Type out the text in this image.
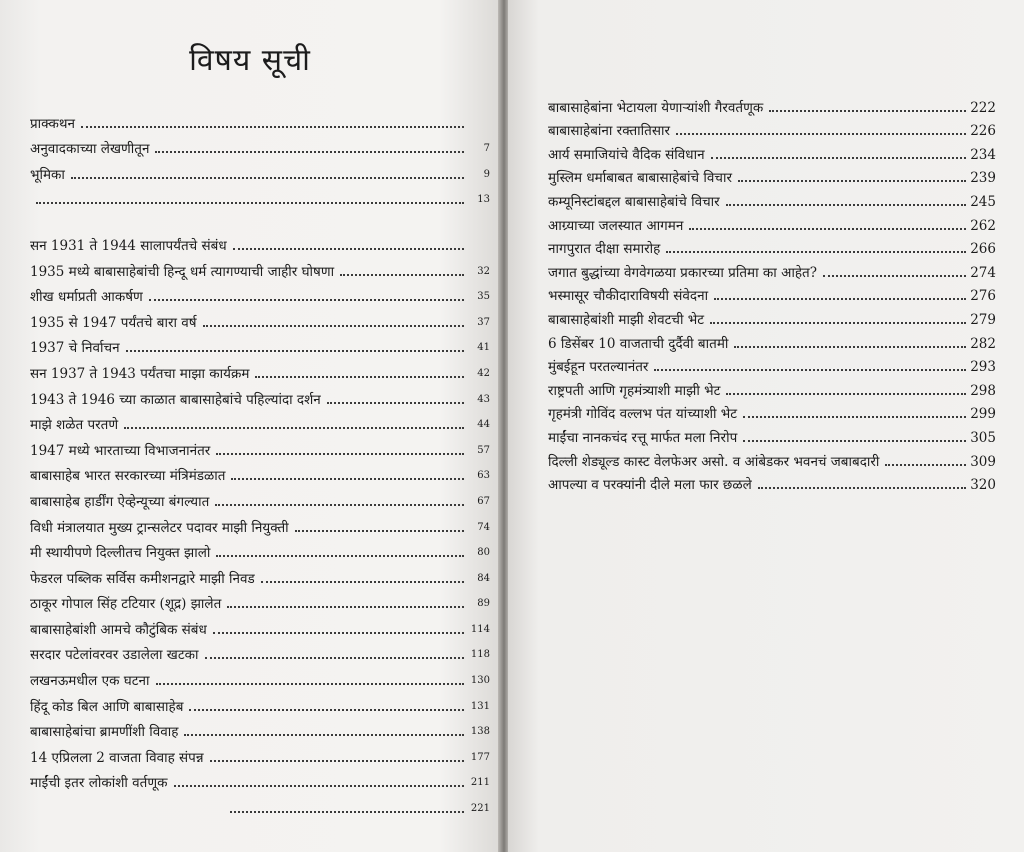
विषय सूची
प्राक्कथन
अनुवादकाच्या लेखणीतून	7
भूमिका	9
13
सन 1931 ते 1944 सालापर्यंतचे संबंध
1935 मध्ये बाबासाहेबांची हिन्दू धर्म त्यागण्याची जाहीर घोषणा	32
शीख धर्माप्रती आकर्षण	35
1935 से 1947 पर्यंतचे बारा वर्ष	37
1937 चे निर्वाचन	41
सन 1937 ते 1943 पर्यंतचा माझा कार्यक्रम	42
1943 ते 1946 च्या काळात बाबासाहेबांचे पहिल्यांदा दर्शन	43
माझे शळेत परतणे	44
1947 मध्ये भारताच्या विभाजनानंतर	57
बाबासाहेब भारत सरकारच्या मंत्रिमंडळात	63
बाबासाहेब हार्डींग ऐव्हेन्यूच्या बंगल्यात	67
विधी मंत्रालयात मुख्य ट्रान्सलेटर पदावर माझी नियुक्ती	74
मी स्थायीपणे दिल्लीतच नियुक्त झालो	80
फेडरल पब्लिक सर्विस कमीशनद्वारे माझी निवड	84
ठाकूर गोपाल सिंह टटियार (शूद्र) झालेत	89
बाबासाहेबांशी आमचे कौटुंबिक संबंध	114
सरदार पटेलांवरवर उडालेला खटका	118
लखनऊमधील एक घटना	130
हिंदू कोड बिल आणि बाबासाहेब	131
बाबासाहेबांचा ब्रामणींशी विवाह	138
14 एप्रिलला 2 वाजता विवाह संपन्न	177
माईंची इतर लोकांशी वर्तणूक	211
221
बाबासाहेबांना भेटायला येणाऱ्यांशी गैरवर्तणूक	222
बाबासाहेबांना रक्तातिसार	226
आर्य समाजियांचे वैदिक संविधान	234
मुस्लिम धर्माबाबत बाबासाहेबांचे विचार	239
कम्यूनिस्टांबद्दल बाबासाहेबांचे विचार	245
आग्र्याच्या जलस्यात आगमन	262
नागपुरात दीक्षा समारोह	266
जगात बुद्धांच्या वेगवेगळया प्रकारच्या प्रतिमा का आहेत?	274
भस्मासूर चौकीदाराविषयी संवेदना	276
बाबासाहेबांशी माझी शेवटची भेट	279
6 डिसेंबर 10 वाजताची दुर्दैवी बातमी	282
मुंबईहून परतल्यानंतर	293
राष्ट्रपती आणि गृहमंत्र्याशी माझी भेट	298
गृहमंत्री गोविंद वल्लभ पंत यांच्याशी भेट	299
माईंचा नानकचंद रत्तू मार्फत मला निरोप	305
दिल्ली शेड्यूल्ड कास्ट वेलफेअर असो. व आंबेडकर भवनचं जबाबदारी	309
आपल्या व परक्यांनी दीले मला फार छळले	320
